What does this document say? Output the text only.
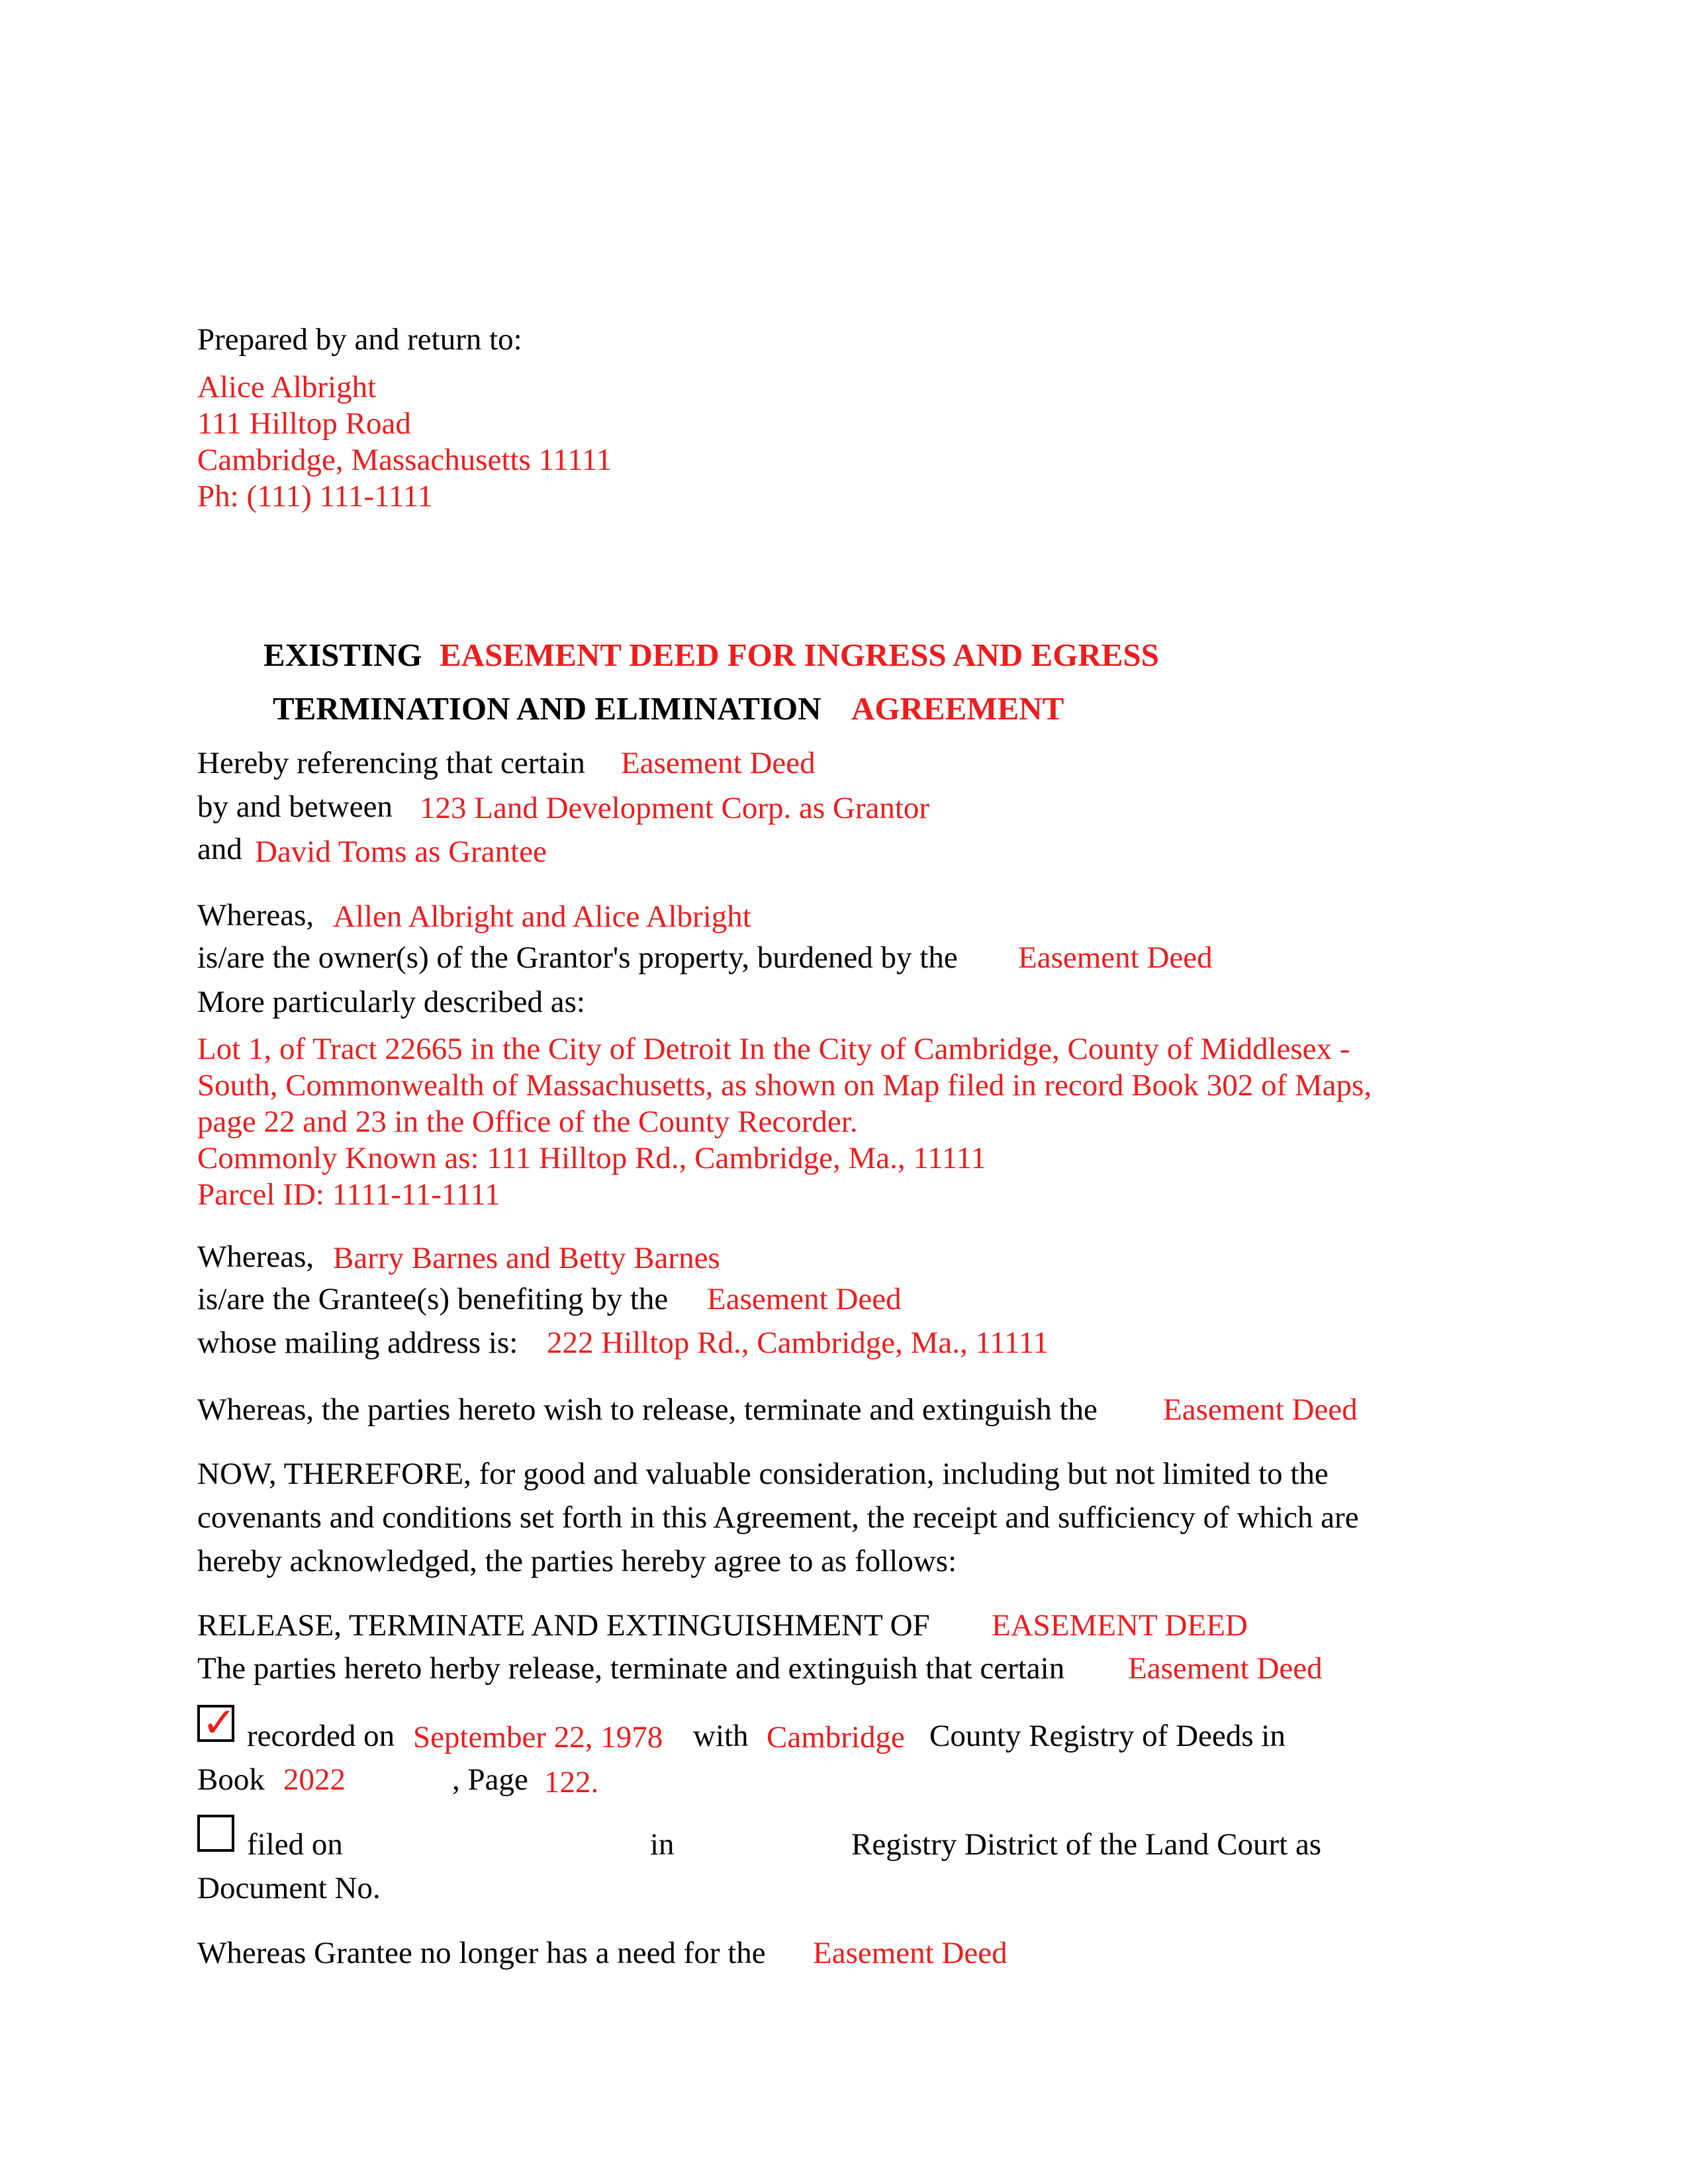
Prepared by and return to:
Alice Albright
111 Hilltop Road
Cambridge, Massachusetts 11111
Ph: (111) 111-1111
EXISTING EASEMENT DEED FOR INGRESS AND EGRESS
TERMINATION AND ELIMINATION AGREEMENT
Hereby referencing that certain Easement Deed
by and between 123 Land Development Corp. as Grantor
and David Toms as Grantee
Whereas, Allen Albright and Alice Albright
is/are the owner(s) of the Grantor's property, burdened by the Easement Deed
More particularly described as:
Lot 1, of Tract 22665 in the City of Detroit In the City of Cambridge, County of Middlesex -
South, Commonwealth of Massachusetts, as shown on Map filed in record Book 302 of Maps,
page 22 and 23 in the Office of the County Recorder.
Commonly Known as: 111 Hilltop Rd., Cambridge, Ma., 11111
Parcel ID: 1111-11-1111
Whereas, Barry Barnes and Betty Barnes
is/are the Grantee(s) benefiting by the Easement Deed
whose mailing address is: 222 Hilltop Rd., Cambridge, Ma., 11111
Whereas, the parties hereto wish to release, terminate and extinguish the Easement Deed
NOW, THEREFORE, for good and valuable consideration, including but not limited to the
covenants and conditions set forth in this Agreement, the receipt and sufficiency of which are
hereby acknowledged, the parties hereby agree to as follows:
RELEASE, TERMINATE AND EXTINGUISHMENT OF EASEMENT DEED
The parties hereto herby release, terminate and extinguish that certain Easement Deed
✓ recorded on September 22, 1978 with Cambridge County Registry of Deeds in
Book 2022	, Page 122.
filed on	in	Registry District of the Land Court as
Document No.
Whereas Grantee no longer has a need for the Easement Deed
